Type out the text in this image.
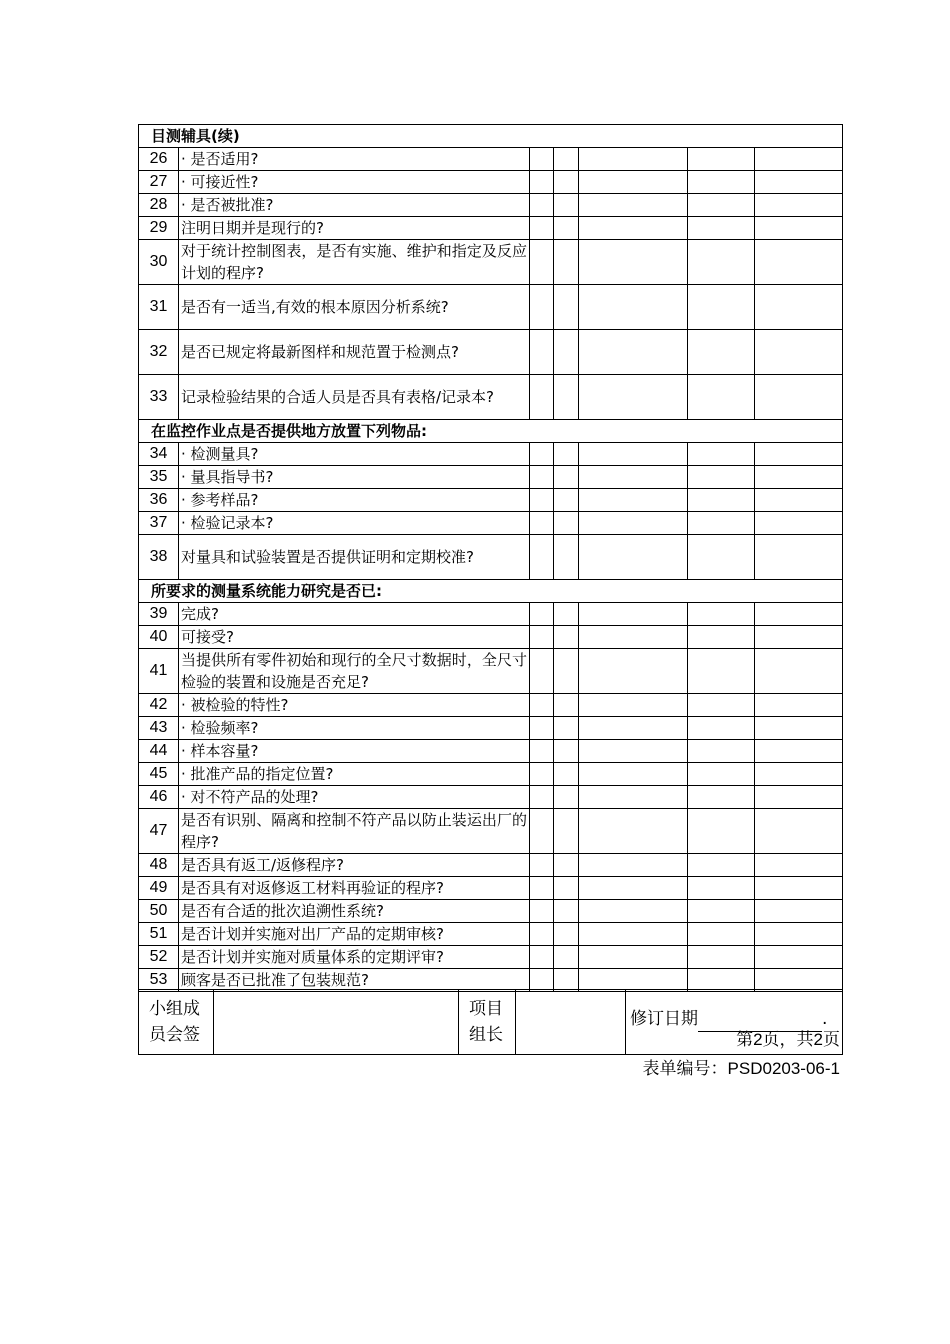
目测辅具(续)						
26	· 是否适用?					
27	· 可接近性?					
28	· 是否被批准?					
29	注明日期并是现行的?					
30	对于统计控制图表，是否有实施、维护和指定及反应计划的程序?					
31	是否有一适当,有效的根本原因分析系统?					
32	是否已规定将最新图样和规范置于检测点?					
33	记录检验结果的合适人员是否具有表格/记录本?					
在监控作业点是否提供地方放置下列物品:						
34	· 检测量具?					
35	· 量具指导书?					
36	· 参考样品?					
37	· 检验记录本?					
38	对量具和试验装置是否提供证明和定期校准?					
所要求的测量系统能力研究是否已:						
39	完成?					
40	可接受?					
41	当提供所有零件初始和现行的全尺寸数据时，全尺寸检验的装置和设施是否充足?					
42	· 被检验的特性?					
43	· 检验频率?					
44	· 样本容量?					
45	· 批准产品的指定位置?					
46	· 对不符产品的处理?					
47	是否有识别、隔离和控制不符产品以防止装运出厂的程序?					
48	是否具有返工/返修程序?					
49	是否具有对返修返工材料再验证的程序?					
50	是否有合适的批次追溯性系统?					
51	是否计划并实施对出厂产品的定期审核?					
52	是否计划并实施对质量体系的定期评审?					
53	顾客是否已批准了包装规范?					
小组成员会签		项目组长		
修订日期	.
第2页，共2页
表单编号：PSD0203-06-1
